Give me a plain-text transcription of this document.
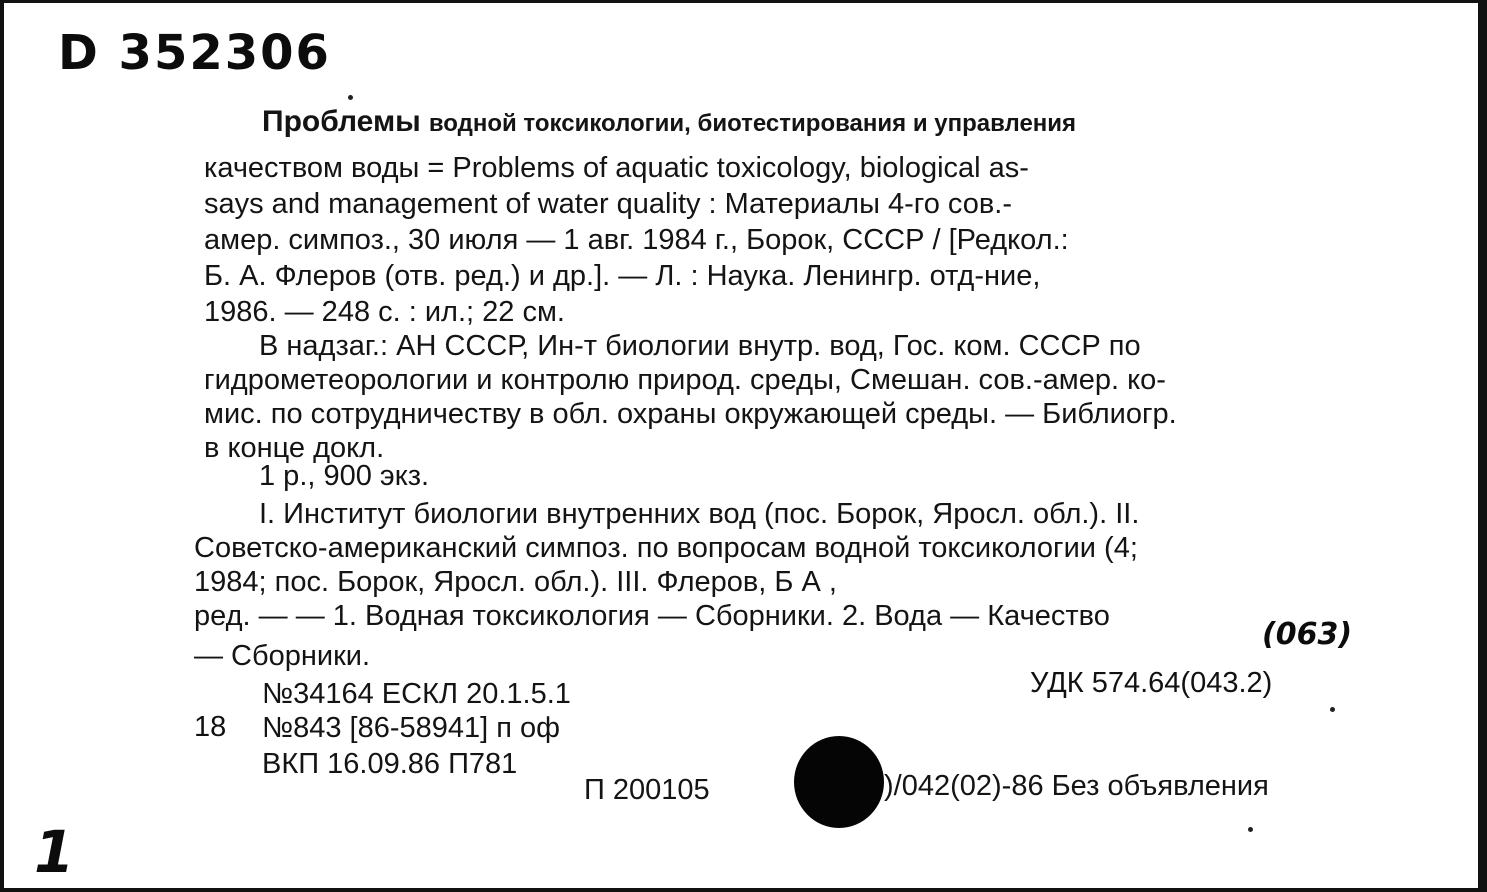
D 352306
Проблемы водной токсикологии, биотестирования и управления
качеством воды = Problems of aquatic toxicology, biological as-
says and management of water quality : Материалы 4-го сов.-
амер. симпоз., 30 июля — 1 авг. 1984 г., Борок, СССР / [Редкол.:
Б. А. Флеров (отв. ред.) и др.]. — Л. : Наука. Ленингр. отд-ние,
1986. — 248 с. : ил.; 22 см.
В надзаг.: АН СССР, Ин-т биологии внутр. вод, Гос. ком. СССР по
гидрометеорологии и контролю природ. среды, Смешан. сов.-амер. ко-
мис. по сотрудничеству в обл. охраны окружающей среды. — Библиогр.
в конце докл.
1 р., 900 экз.
I. Институт биологии внутренних вод (пос. Борок, Яросл. обл.). II.
Советско-американский симпоз. по вопросам водной токсикологии (4;
1984; пос. Борок, Яросл. обл.). III. Флеров, Б А ,
ред. — — 1. Водная токсикология — Сборники. 2. Вода — Качество
— Сборники.
(063)
№34164 ЕСКЛ 20.1.5.1	УДК 574.64(043.2)
18 №843 [86-58941] п оф
ВКП 16.09.86 П781
П 200105	)/042(02)-86 Без объявления
1
